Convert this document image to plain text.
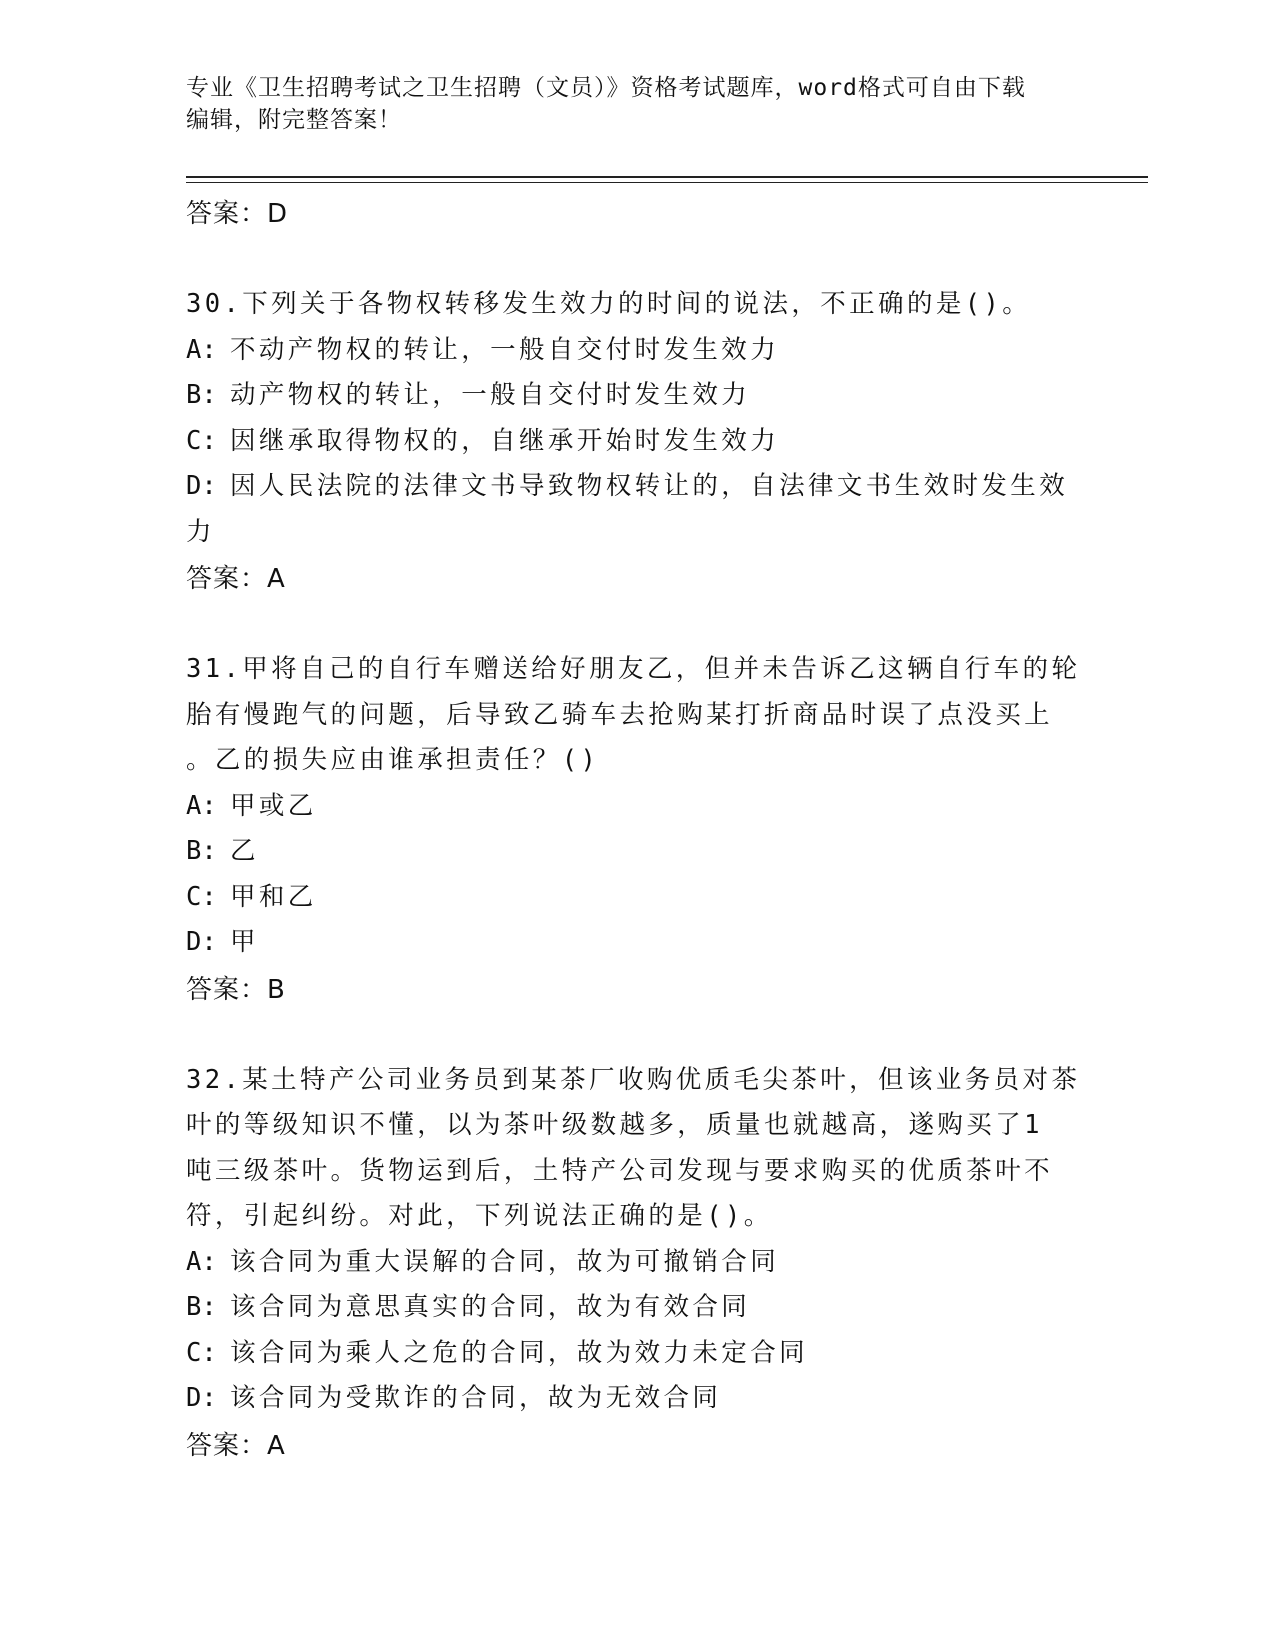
专业《卫生招聘考试之卫生招聘（文员）》资格考试题库，word格式可自由下载
编辑，附完整答案！
答案：D
30.下列关于各物权转移发生效力的时间的说法，不正确的是()。
A: 不动产物权的转让，一般自交付时发生效力
B: 动产物权的转让，一般自交付时发生效力
C: 因继承取得物权的，自继承开始时发生效力
D: 因人民法院的法律文书导致物权转让的，自法律文书生效时发生效
力
答案：A
31.甲将自己的自行车赠送给好朋友乙，但并未告诉乙这辆自行车的轮
胎有慢跑气的问题，后导致乙骑车去抢购某打折商品时误了点没买上
。乙的损失应由谁承担责任？()
A: 甲或乙
B: 乙
C: 甲和乙
D: 甲
答案：B
32.某土特产公司业务员到某茶厂收购优质毛尖茶叶，但该业务员对茶
叶的等级知识不懂，以为茶叶级数越多，质量也就越高，遂购买了1
吨三级茶叶。货物运到后，土特产公司发现与要求购买的优质茶叶不
符，引起纠纷。对此，下列说法正确的是()。
A: 该合同为重大误解的合同，故为可撤销合同
B: 该合同为意思真实的合同，故为有效合同
C: 该合同为乘人之危的合同，故为效力未定合同
D: 该合同为受欺诈的合同，故为无效合同
答案：A
